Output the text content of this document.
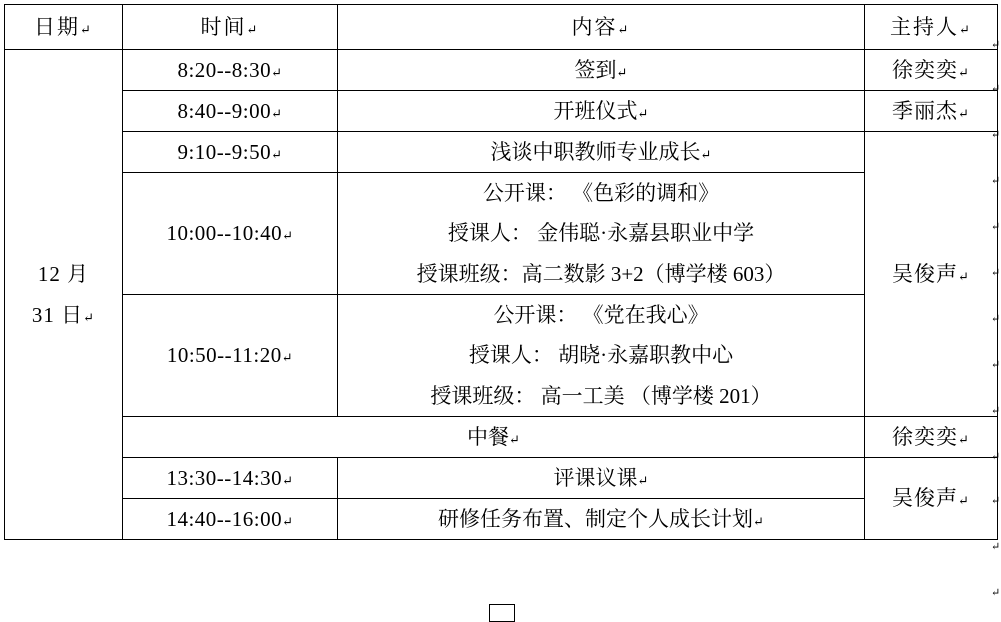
日期↵	时间↵	内容↵	主持人↵

12 月
31 日↵	8:20--8:30↵	签到↵	徐奕奕↵
	8:40--9:00↵	开班仪式↵	季丽杰↵
	9:10--9:50↵	浅谈中职教师专业成长↵	吴俊声↵
	10:00--10:40↵	公开课： 《色彩的调和》
授课人： 金伟聪·永嘉县职业中学
授课班级：高二数影 3+2（博学楼 603）	

	10:50--11:20↵	公开课： 《党在我心》
授课人： 胡晓·永嘉职教中心
授课班级： 高一工美 （博学楼 201）	

	中餐↵		徐奕奕↵
	13:30--14:30↵	评课议课↵	吴俊声↵
	14:40--16:00↵	研修任务布置、制定个人成长计划↵	
↵
↵
↵
↵
↵
↵
↵
↵
↵
↵
↵
↵
↵
